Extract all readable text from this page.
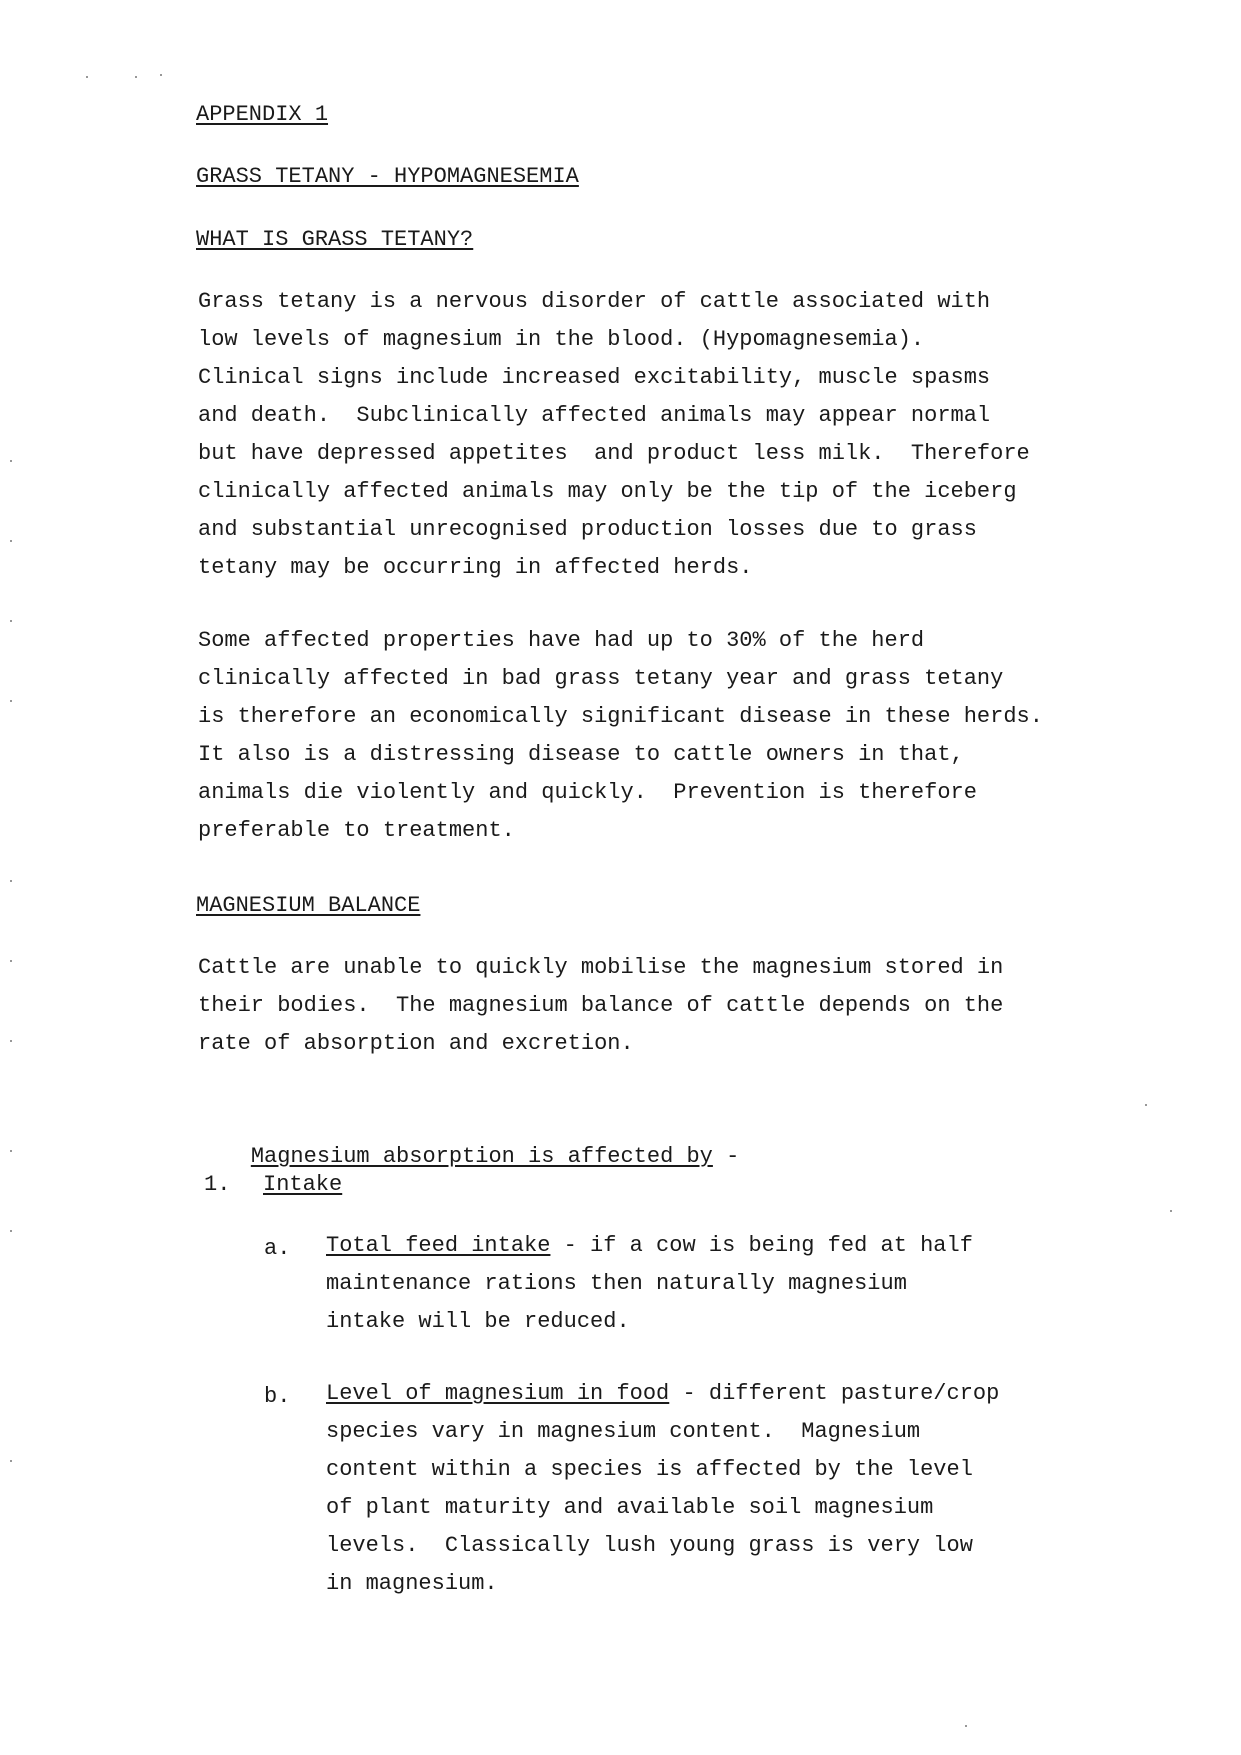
APPENDIX 1
GRASS TETANY - HYPOMAGNESEMIA
WHAT IS GRASS TETANY?
Grass tetany is a nervous disorder of cattle associated with
low levels of magnesium in the blood. (Hypomagnesemia).
Clinical signs include increased excitability, muscle spasms
and death.  Subclinically affected animals may appear normal
but have depressed appetites  and product less milk.  Therefore
clinically affected animals may only be the tip of the iceberg
and substantial unrecognised production losses due to grass
tetany may be occurring in affected herds.
Some affected properties have had up to 30% of the herd
clinically affected in bad grass tetany year and grass tetany
is therefore an economically significant disease in these herds.
It also is a distressing disease to cattle owners in that,
animals die violently and quickly.  Prevention is therefore
preferable to treatment.
MAGNESIUM BALANCE
Cattle are unable to quickly mobilise the magnesium stored in
their bodies.  The magnesium balance of cattle depends on the
rate of absorption and excretion.

Magnesium absorption is affected by -

1. Intake
a. Total feed intake - if a cow is being fed at half
maintenance rations then naturally magnesium
intake will be reduced.
b. Level of magnesium in food - different pasture/crop
species vary in magnesium content.  Magnesium
content within a species is affected by the level
of plant maturity and available soil magnesium
levels.  Classically lush young grass is very low
in magnesium.
